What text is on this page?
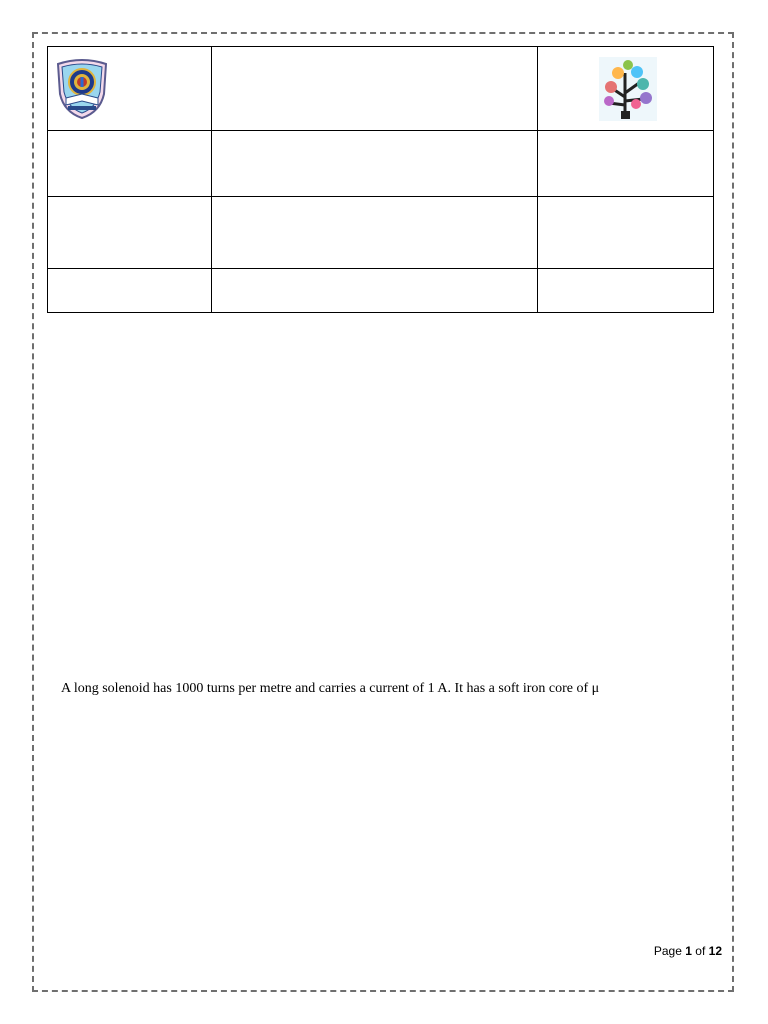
A long solenoid has 1000 turns per metre and carries a current of 1 A. It has a soft iron core of μ
Page 1 of 12
